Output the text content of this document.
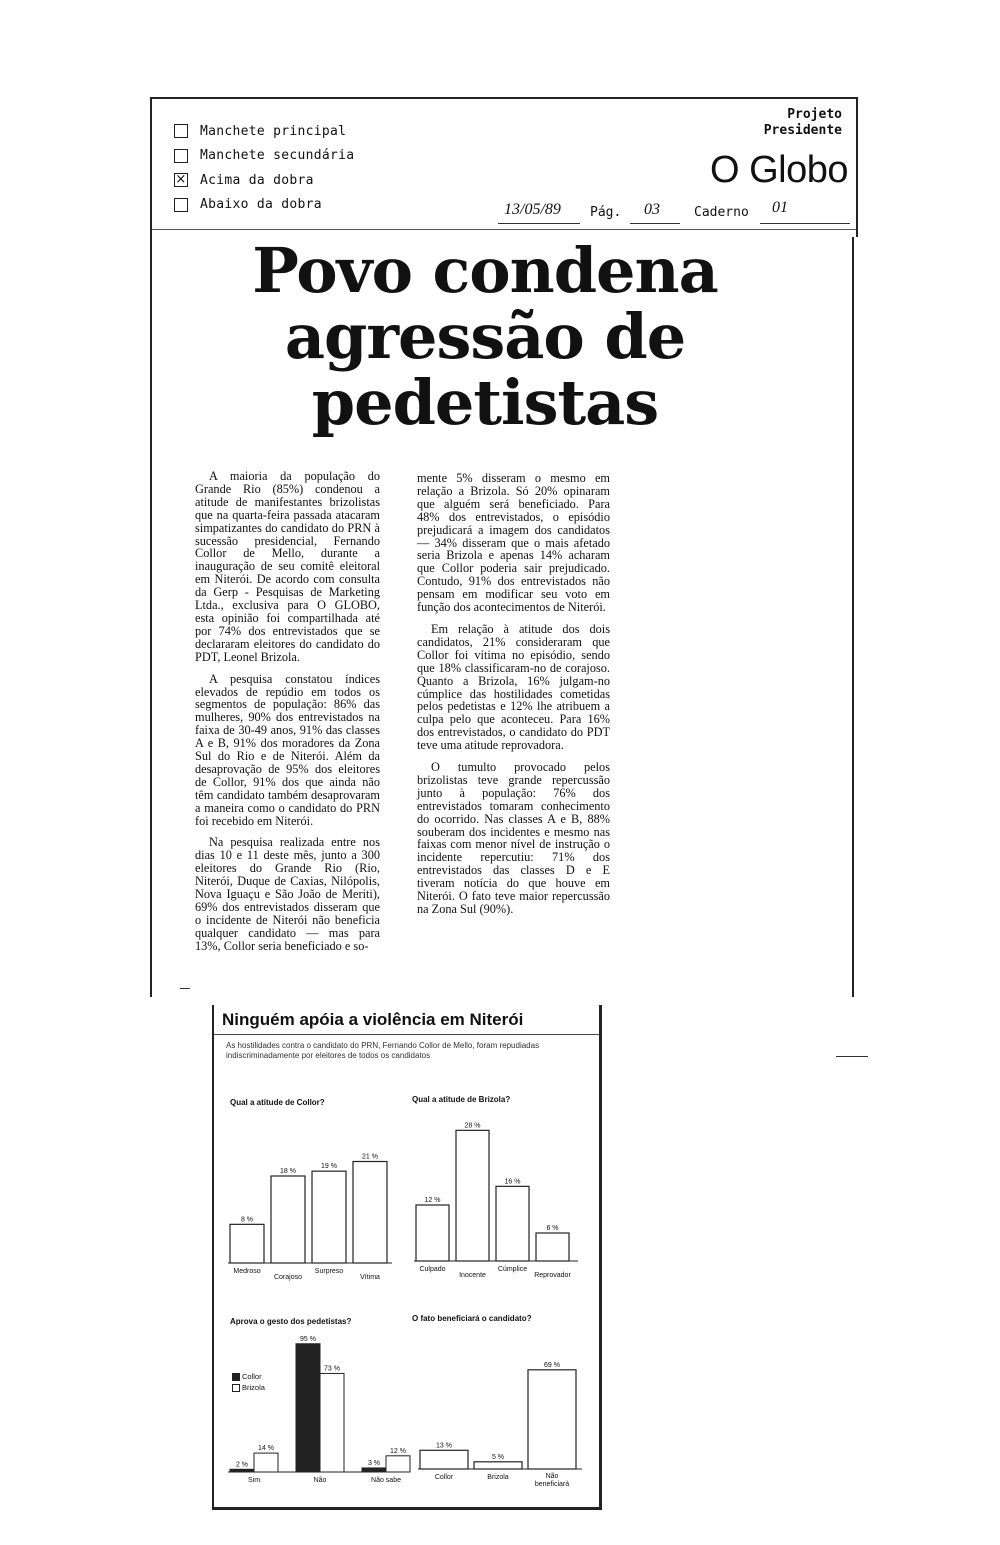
Manchete principal
Manchete secundária
× Acima da dobra
Abaixo da dobra
Projeto
Presidente
O Globo
13/05/89 Pág. 03	Caderno 01
Povo condena
agressão de
pedetistas

A maioria da população do Grande Rio (85%) condenou a atitude de manifestantes brizolistas que na quarta-feira passada atacaram simpatizantes do candidato do PRN à sucessão presidencial, Fernando Collor de Mello, durante a inauguração de seu comitê eleitoral em Niterói. De acordo com consulta da Gerp - Pesquisas de Marketing Ltda., exclusiva para O GLOBO, esta opinião foi compartilhada até por 74% dos entrevistados que se declararam eleitores do candidato do PDT, Leonel Brizola.

A pesquisa constatou índices elevados de repúdio em todos os segmentos de população: 86% das mulheres, 90% dos entrevistados na faixa de 30-49 anos, 91% das classes A e B, 91% dos moradores da Zona Sul do Rio e de Niterói. Além da desaprovação de 95% dos eleitores de Collor, 91% dos que ainda não têm candidato também desaprovaram a maneira como o candidato do PRN foi recebido em Niterói.

Na pesquisa realizada entre nos dias 10 e 11 deste mês, junto a 300 eleitores do Grande Rio (Rio, Niterói, Duque de Caxias, Nilópolis, Nova Iguaçu e São João de Meriti), 69% dos entrevistados disseram que o incidente de Niterói não beneficia qualquer candidato — mas para 13%, Collor seria beneficiado e so-

mente 5% disseram o mesmo em relação a Brizola. Só 20% opinaram que alguém será beneficiado. Para 48% dos entrevistados, o episódio prejudicará a imagem dos candidatos — 34% disseram que o mais afetado seria Brizola e apenas 14% acharam que Collor poderia sair prejudicado. Contudo, 91% dos entrevistados não pensam em modificar seu voto em função dos acontecimentos de Niterói.

Em relação à atitude dos dois candidatos, 21% consideraram que Collor foi vítima no episódio, sendo que 18% classificaram-no de corajoso. Quanto a Brizola, 16% julgam-no cúmplice das hostilidades cometidas pelos pedetistas e 12% lhe atribuem a culpa pelo que aconteceu. Para 16% dos entrevistados, o candidato do PDT teve uma atitude reprovadora.

O tumulto provocado pelos brizolistas teve grande repercussão junto à população: 76% dos entrevistados tomaram conhecimento do ocorrido. Nas classes A e B, 88% souberam dos incidentes e mesmo nas faixas com menor nível de instrução o incidente repercutiu: 71% dos entrevistados das classes D e E tiveram notícia do que houve em Niterói. O fato teve maior repercussão na Zona Sul (90%).

Ninguém apóia a violência em Niterói
As hostilidades contra o candidato do PRN, Fernando Collor de Mello, foram repudiadas indiscriminadamente por eleitores de todos os candidatos
Qual a atitude de Collor?	Qual a atitude de Brizola?
Aprova o gesto dos pedetistas?	O fato beneficiará o candidato?
8 %
Medroso
18 %
Corajoso
19 %
Surpreso
21 %
Vítima
12 %
Culpado
28 %
Inocente
16 %
Cúmplice
6 %
Reprovador
2 %
14 %
Sim
95 %
73 %
Não
3 %
12 %
Não sabe
13 %
Collor
5 %
Brizola
69 %
Não
beneficiará
Collor
Brizola
